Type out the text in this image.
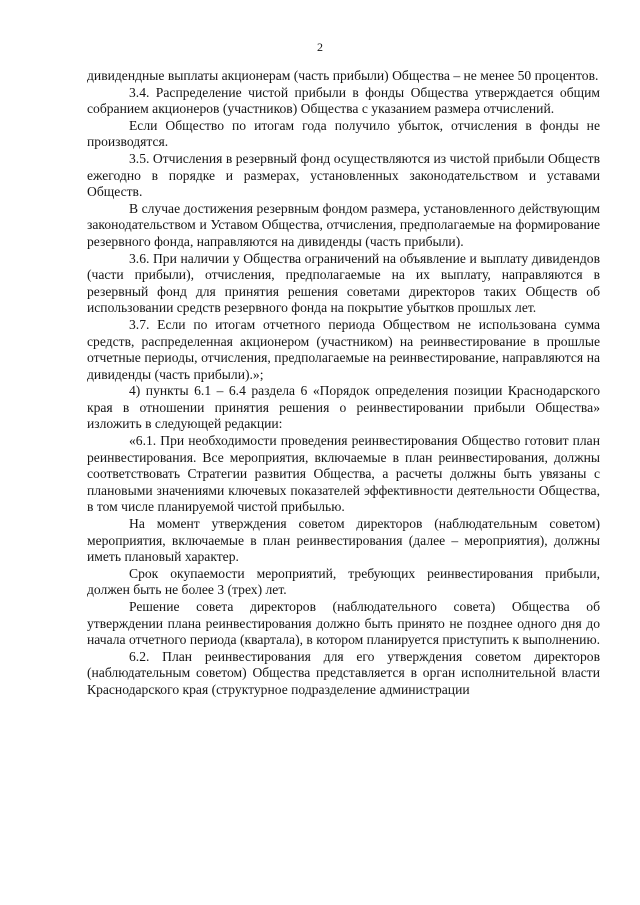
2

дивидендные выплаты акционерам (часть прибыли) Общества – не менее 50 процентов.

3.4. Распределение чистой прибыли в фонды Общества утверждается общим собранием акционеров (участников) Общества с указанием размера отчислений.

Если Общество по итогам года получило убыток, отчисления в фонды не производятся.

3.5. Отчисления в резервный фонд осуществляются из чистой прибыли Обществ ежегодно в порядке и размерах, установленных законодательством и уставами Обществ.

В случае достижения резервным фондом размера, установленного действующим законодательством и Уставом Общества, отчисления, предполагаемые на формирование резервного фонда, направляются на дивиденды (часть прибыли).

3.6. При наличии у Общества ограничений на объявление и выплату дивидендов (части прибыли), отчисления, предполагаемые на их выплату, направляются в резервный фонд для принятия решения советами директоров таких Обществ об использовании средств резервного фонда на покрытие убытков прошлых лет.

3.7. Если по итогам отчетного периода Обществом не использована сумма средств, распределенная акционером (участником) на реинвестирование в прошлые отчетные периоды, отчисления, предполагаемые на реинвестирование, направляются на дивиденды (часть прибыли).»;

4) пункты 6.1 – 6.4 раздела 6 «Порядок определения позиции Краснодарского края в отношении принятия решения о реинвестировании прибыли Общества» изложить в следующей редакции:

«6.1. При необходимости проведения реинвестирования Общество готовит план реинвестирования. Все мероприятия, включаемые в план реинвестирования, должны соответствовать Стратегии развития Общества, а расчеты должны быть увязаны с плановыми значениями ключевых показателей эффективности деятельности Общества, в том числе планируемой чистой прибылью.

На момент утверждения советом директоров (наблюдательным советом) мероприятия, включаемые в план реинвестирования (далее – мероприятия), должны иметь плановый характер.

Срок окупаемости мероприятий, требующих реинвестирования прибыли, должен быть не более 3 (трех) лет.

Решение совета директоров (наблюдательного совета) Общества об утверждении плана реинвестирования должно быть принято не позднее одного дня до начала отчетного периода (квартала), в котором планируется приступить к выполнению.

6.2. План реинвестирования для его утверждения советом директоров (наблюдательным советом) Общества представляется в орган исполнительной власти Краснодарского края (структурное подразделение администрации
